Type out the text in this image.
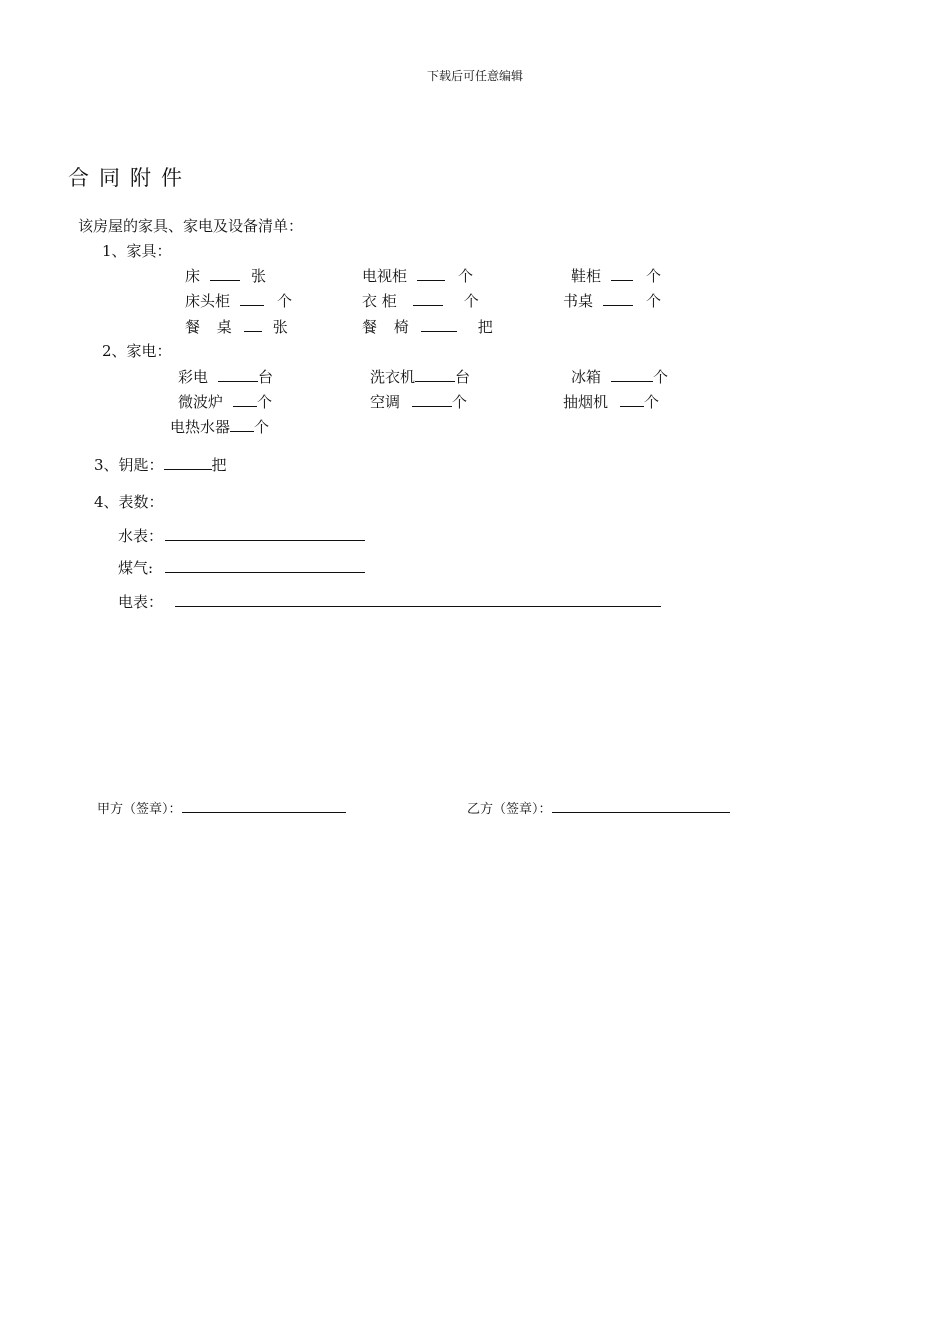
下载后可任意编辑
合同附件
该房屋的家具、家电及设备清单：
1、家具：
床	张	电视柜	个	鞋柜	个
床头柜	个	衣 柜	个	书桌	个
餐 桌 张	餐 椅	把
2、家电：
彩电	台	洗衣机	台	冰箱	个
微波炉 个	空调	个	抽烟机 个
电热水器 个
3、钥匙：	把
4、表数：
水表：
煤气:
电表：
甲方（签章）：	乙方（签章）：
